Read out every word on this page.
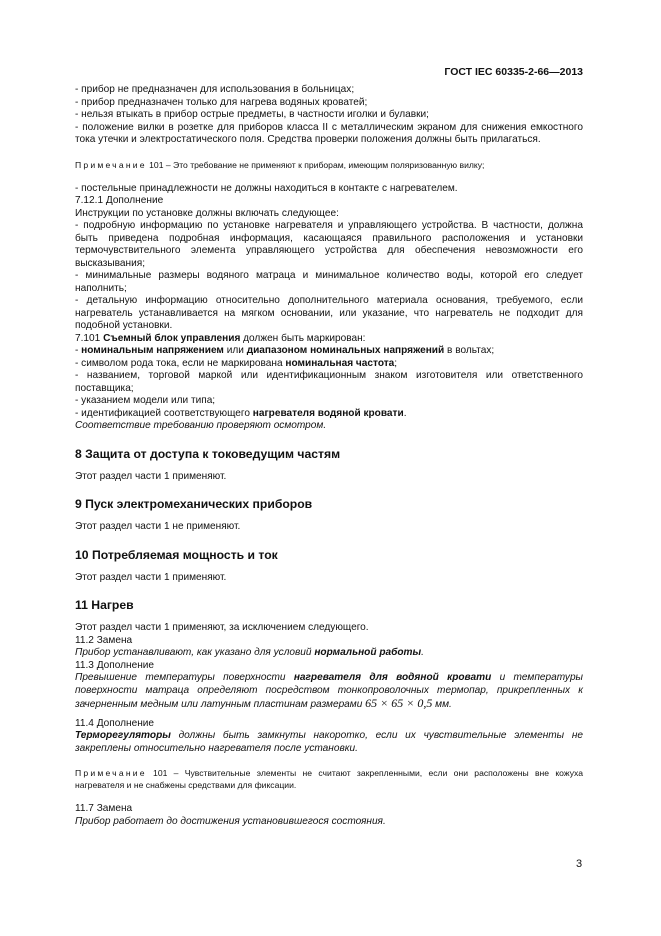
ГОСТ IEC 60335-2-66—2013

- прибор не предназначен для использования в больницах;

- прибор предназначен только для нагрева водяных кроватей;

- нельзя втыкать в прибор острые предметы, в частности иголки и булавки;

- положение вилки в розетке для приборов класса II с металлическим экраном для снижения емкостного тока утечки и электростатического поля. Средства проверки положения должны быть прилагаться.

Примечание 101 – Это требование не применяют к приборам, имеющим поляризованную вилку;

- постельные принадлежности не должны находиться в контакте с нагревателем.

7.12.1 Дополнение

Инструкции по установке должны включать следующее:

- подробную информацию по установке нагревателя и управляющего устройства. В частности, должна быть приведена подробная информация, касающаяся правильного расположения и установки термочувствительного элемента управляющего устройства для обеспечения невозможности его высказывания;

- минимальные размеры водяного матраца и минимальное количество воды, которой его следует наполнить;

- детальную информацию относительно дополнительного материала основания, требуемого, если нагреватель устанавливается на мягком основании, или указание, что нагреватель не подходит для подобной установки.

7.101 Съемный блок управления должен быть маркирован:

- номинальным напряжением или диапазоном номинальных напряжений в вольтах;

- символом рода тока, если не маркирована номинальная частота;

- названием, торговой маркой или идентификационным знаком изготовителя или ответственного поставщика;

- указанием модели или типа;

- идентификацией соответствующего нагревателя водяной кровати.

Соответствие требованию проверяют осмотром.

8 Защита от доступа к токоведущим частям

Этот раздел части 1 применяют.

9 Пуск электромеханических приборов

Этот раздел части 1 не применяют.

10 Потребляемая мощность и ток

Этот раздел части 1 применяют.

11 Нагрев

Этот раздел части 1 применяют, за исключением следующего.

11.2 Замена

Прибор устанавливают, как указано для условий нормальной работы.

11.3 Дополнение

Превышение температуры поверхности нагревателя для водяной кровати и температуры поверхности матраца определяют посредством тонкопроволочных термопар, прикрепленных к зачерненным медным или латунным пластинам размерами 65 × 65 × 0,5 мм.

11.4 Дополнение

Терморегуляторы должны быть замкнуты накоротко, если их чувствительные элементы не закреплены относительно нагревателя после установки.

Примечание 101 – Чувствительные элементы не считают закрепленными, если они расположены вне кожуха нагревателя и не снабжены средствами для фиксации.

11.7 Замена

Прибор работает до достижения установившегося состояния.

3
